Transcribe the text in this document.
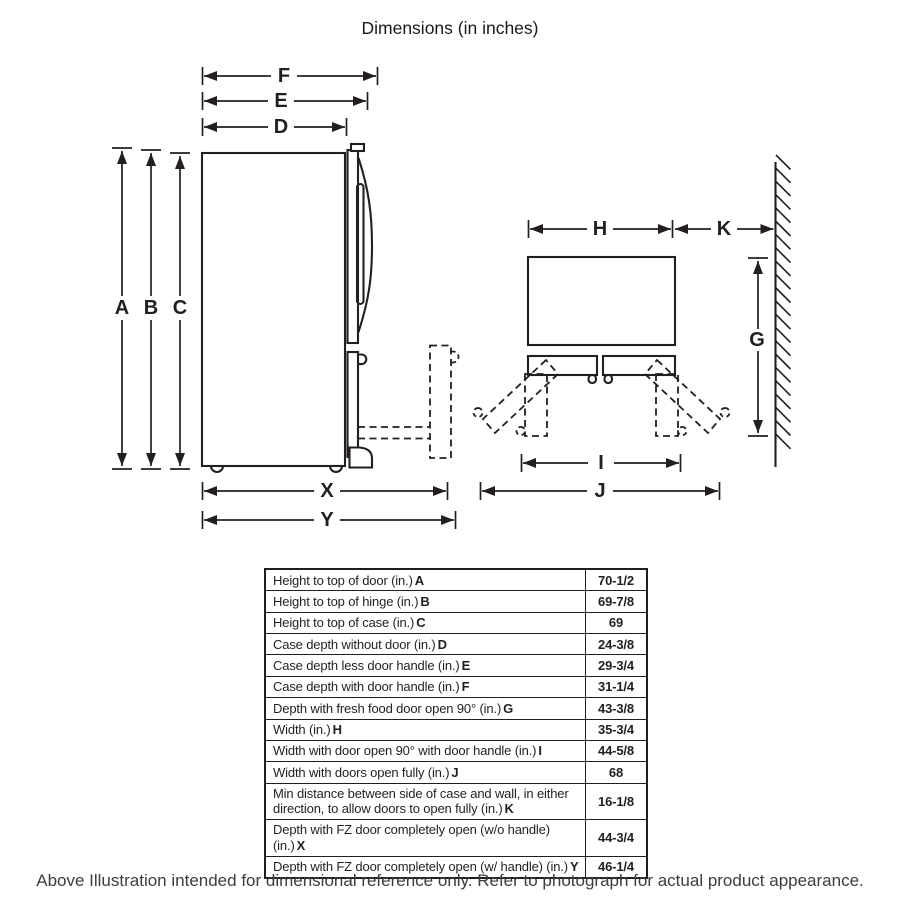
Dimensions (in inches)
A B C
F
E
D
X
Y
H	K
G
I
J
Height to top of door (in.) A	70-1/2
Height to top of hinge (in.) B	69-7/8
Height to top of case (in.) C	69
Case depth without door (in.) D	24-3/8
Case depth less door handle (in.) E	29-3/4
Case depth with door handle (in.) F	31-1/4
Depth with fresh food door open 90° (in.) G	43-3/8
Width (in.) H	35-3/4
Width with door open 90° with door handle (in.) I	44-5/8
Width with doors open fully (in.) J	68
Min distance between side of case and wall, in either direction, to allow doors to open fully (in.) K	16-1/8
Depth with FZ door completely open (w/o handle) (in.) X	44-3/4
Depth with FZ door completely open (w/ handle) (in.) Y	46-1/4
Above Illustration intended for dimensional reference only. Refer to photograph for actual product appearance.
